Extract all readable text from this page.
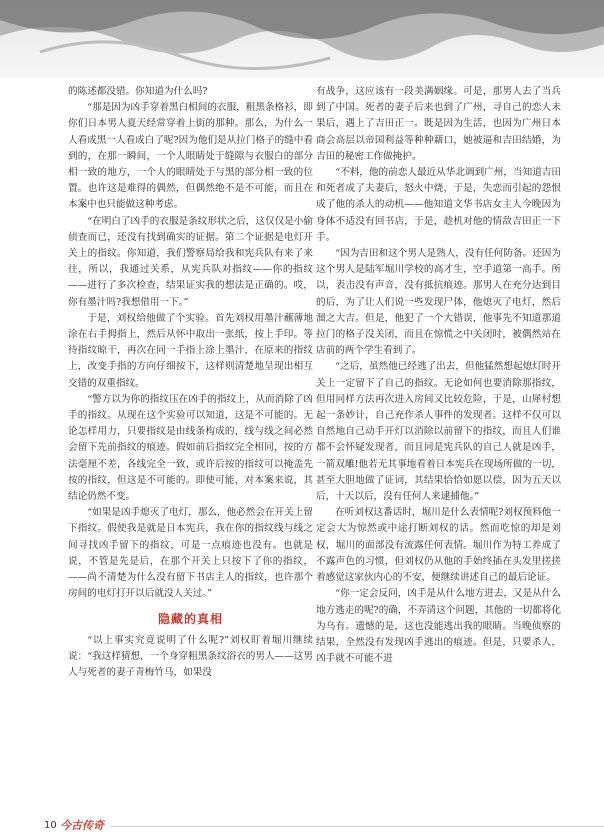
的陈述都没错。你知道为什么吗?

“那是因为凶手穿着黑白相间的衣服，粗黑条格衫，即你们日本男人夏天经常穿着上街的那种。那么，为什么一人看成黑一人看成白了呢?因为他们是从拉门格子的缝中看到的，在那一瞬间，一个人眼睛处于缝隙与衣服白的部分相一致的地方，一个人的眼睛处于与黑的部分相一致的位置。也许这是难得的偶然，但偶然绝不是不可能，而且在本案中也只能做这种考虑。

“在明白了凶手的衣服是条纹形状之后，这仅仅是小偷侦查而已，还没有找到确实的证据。第二个证据是电灯开关上的指纹。你知道，我们警察局给我和宪兵队有来了来往，所以，我通过关系，从宪兵队对指纹——你的指纹——进行了多次检查，结果证实我的想法是正确的。哎，你有墨汁吗?我想借用一下。”

于是，刘权给他做了个实验。首先刘权用墨汁蘸薄地涂在右手拇指上，然后从怀中取出一张纸，按上手印。等待指纹晾干，再次在同一手指上涂上墨汁，在原来的指纹上，改变手指的方向仔细按下，这样则清楚地呈现出相互交错的双重指纹。

“警方以为你的指纹压在凶手的指纹上，从而消除了凶手的指纹。从现在这个实验可以知道，这是不可能的。无论怎样用力，只要指纹是由线条构成的，线与线之间必然会留下先前指纹的痕迹。假如前后指纹完全相同，按的方法毫厘不差，各线完全一致，或许后按的指纹可以掩盖先按的指纹，但这是不可能的。即使可能，对本案来说，其结论仍然不变。

“如果是凶手熄灭了电灯，那么，他必然会在开关上留下指纹。假使我是就是日本宪兵，我在你的指纹线与线之间寻找凶手留下的指纹，可是一点痕迹也没有。也就是说，不管是先是后，在那个开关上只按下了你的指纹，——尚不清楚为什么没有留下书店主人的指纹，也许那个房间的电灯打开以后就没人关过。”

隐藏的真相

“以上事实究竟说明了什么呢?”刘权盯着堀川继续说：“我这样猜想，一个身穿粗黑条纹浴衣的男人——这男人与死者的妻子青梅竹马，如果没

有战争，这应该有一段美满姻缘。可是，那男人去了当兵到了中国。死者的妻子后来也到了广州，寻自己的恋人未果后，遇上了吉田正一。既是因为生活，也因为广州日本商会高层以帝国利益等种种藉口，她被逼和吉田结婚，为吉田的秘密工作做掩护。

“不料，他的前恋人最近从华北调到广州，当知道吉田和死者成了夫妻后，怒火中烧，于是，失恋而引起的怨恨成了他的杀人的动机——他知道文华书店女主人今晚因为身体不适没有回书店，于是，趁机对他的情敌吉田正一下手。

“因为吉田和这个男人是熟人，没有任何防备。还因为这个男人是陆军堀川学校的高才生，空手道第一高手。所以，表击没有声音，没有抵抗痕迹。那男人在充分达到目的后，为了让人们说一些发现尸体，他熄灭了电灯，然后溜之大吉。但是，他犯了一个大错误，他事先不知道那道拉门的格子没关闭，而且在惊慌之中关闭时，被偶然站在店前的两个学生看到了。

“之后，虽然他已经逃了出去，但他猛然想起熄灯时开关上一定留下了自己的指纹。无论如何也要消除那指纹，但用同样方法再次进入房间又比较危险，于是，山犀村想起一条妙计，自己充作杀人事件的发现者。这样不仅可以自然地自己动手开灯以消除以前留下的指纹，而且人们谁都不会怀疑发现者，而且同是宪兵队的自己人就是凶手，一箭双雕!他若无其事地看着日本宪兵在现场所做的一切，甚至大胆地做了证词，其结果恰恰如愿以偿，因为五天以后，十天以后，没有任何人来逮捕他。”

在听刘权这番话时，堀川是什么表情呢?刘权预料他一定会大为惊然或中途打断刘权的话。然而吃惊的却是刘权，堀川的面部没有流露任何表情。堀川作为特工养成了不露声色的习惯，但刘权仍从他的手始终插在头发里搓搓着感觉这家伙内心的不安，便继续讲述自己的最后论证。

“你一定会反问，凶手是从什么地方进去，又是从什么地方逃走的呢?的确，不弄清这个问题，其他的一切都将化为乌有。遗憾的是，这也没能逃出我的眼睛。当晚侦察的结果，全然没有发现凶手逃出的痕迹。但是，只要杀人，凶手就不可能不进

10 今古传奇
